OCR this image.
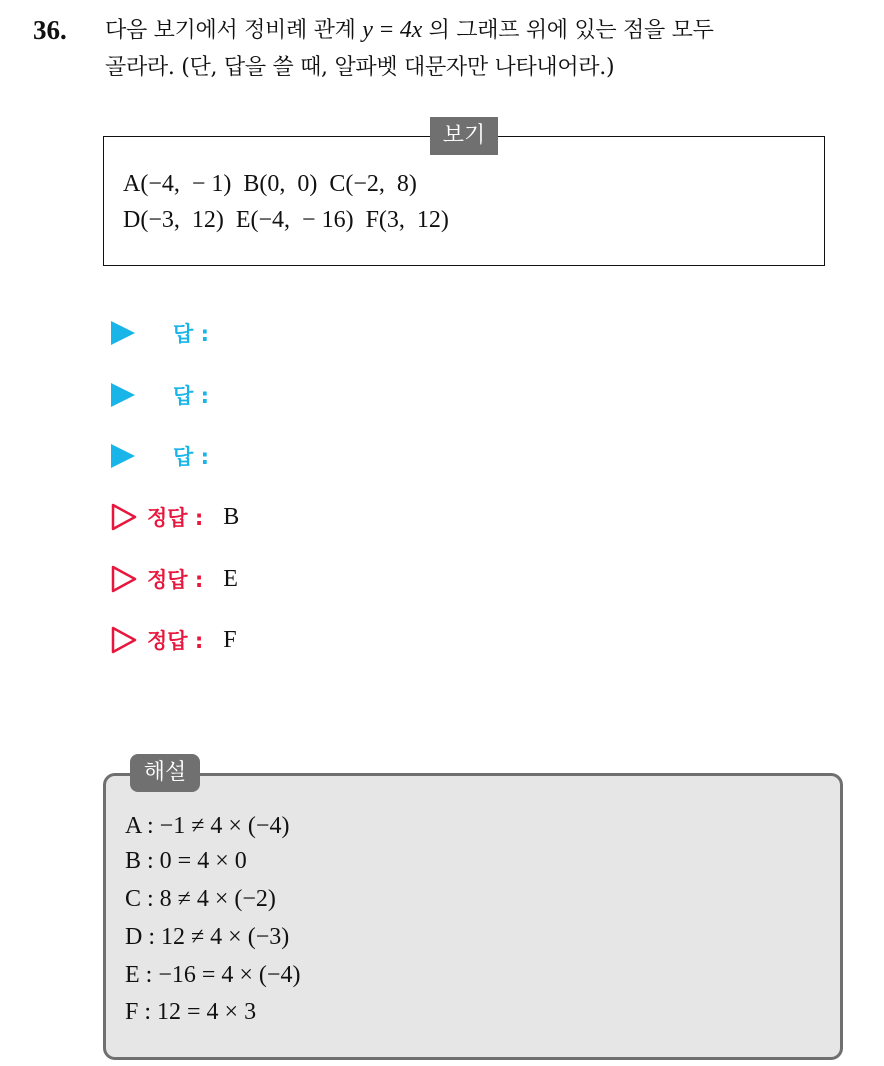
36. 다음 보기에서 정비례 관계 y = 4x 의 그래프 위에 있는 점을 모두
골라라. (단, 답을 쓸 때, 알파벳 대문자만 나타내어라.)
보기
A(−4,  − 1)  B(0,  0)  C(−2,  8)
D(−3,  12)  E(−4,  − 16)  F(3,  12)
답 :
답 :
답 :
정답 : B
정답 : E
정답 : F
해설
A : −1 ≠ 4 × (−4)
B : 0 = 4 × 0
C : 8 ≠ 4 × (−2)
D : 12 ≠ 4 × (−3)
E : −16 = 4 × (−4)
F : 12 = 4 × 3
